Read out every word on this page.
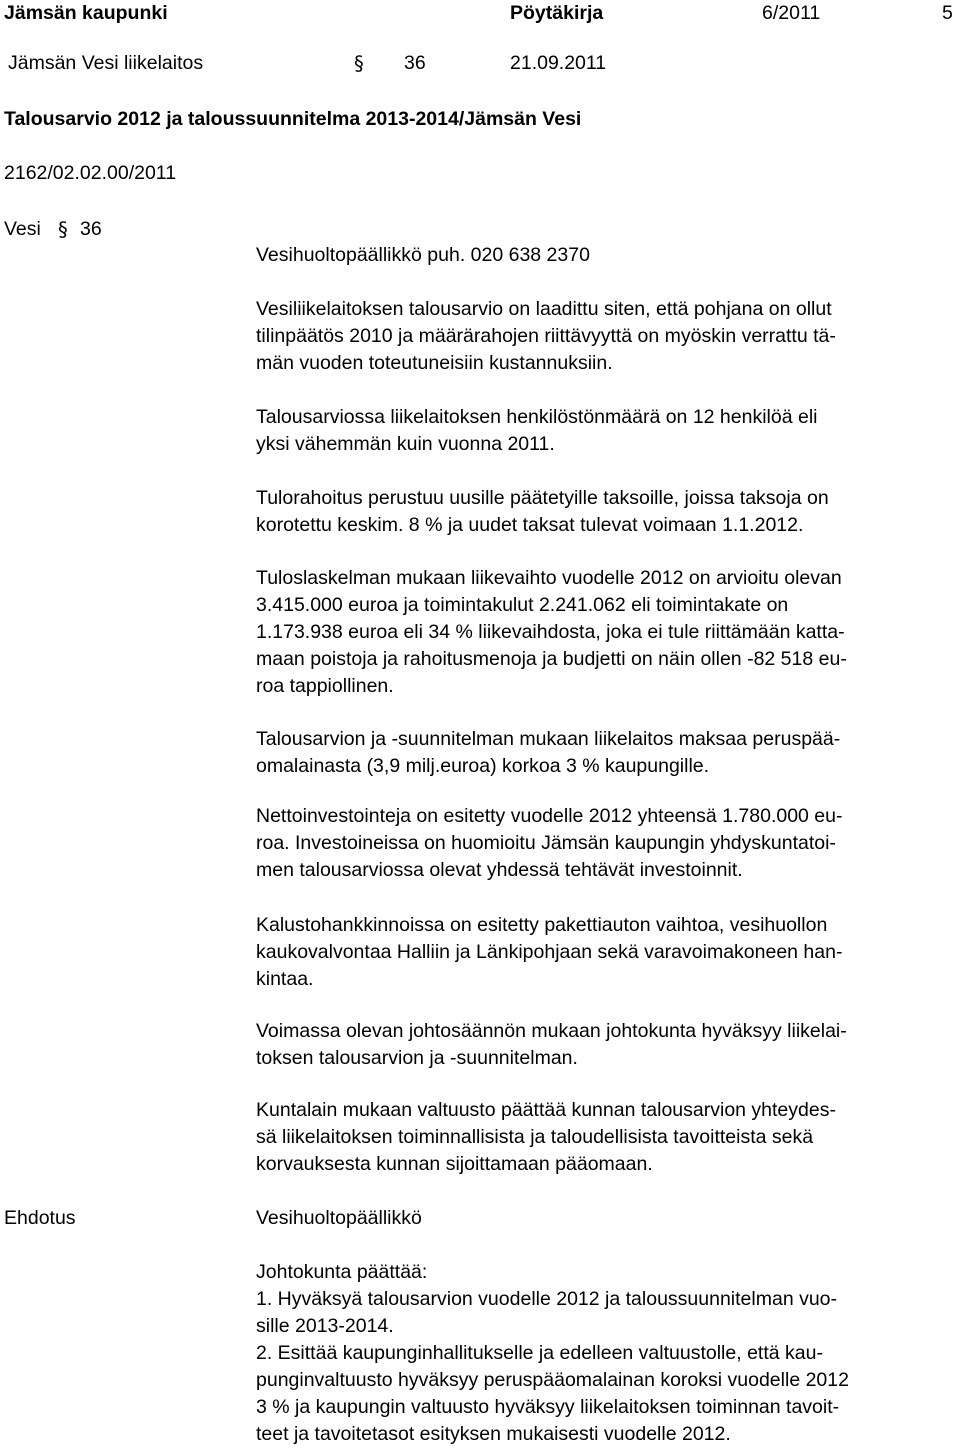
Jämsän kaupunki	Pöytäkirja	6/2011	5
Jämsän Vesi liikelaitos	§ 36	21.09.2011
Talousarvio 2012 ja taloussuunnitelma 2013-2014/Jämsän Vesi
2162/02.02.00/2011
Vesi § 36
Vesihuoltopäällikkö puh. 020 638 2370
Vesiliikelaitoksen talousarvio on laadittu siten, että pohjana on ollut
tilinpäätös 2010 ja määrärahojen riittävyyttä on myöskin verrattu tä-
män vuoden toteutuneisiin kustannuksiin.
Talousarviossa liikelaitoksen henkilöstönmäärä on 12 henkilöä eli
yksi vähemmän kuin vuonna 2011.
Tulorahoitus perustuu uusille päätetyille taksoille, joissa taksoja on
korotettu keskim. 8 % ja uudet taksat tulevat voimaan 1.1.2012.
Tuloslaskelman mukaan liikevaihto vuodelle 2012 on arvioitu olevan
3.415.000 euroa ja toimintakulut 2.241.062 eli toimintakate on
1.173.938 euroa eli 34 % liikevaihdosta, joka ei tule riittämään katta-
maan poistoja ja rahoitusmenoja ja budjetti on näin ollen -82 518 eu-
roa tappiollinen.
Talousarvion ja -suunnitelman mukaan liikelaitos maksaa peruspää-
omalainasta (3,9 milj.euroa) korkoa 3 % kaupungille.
Nettoinvestointeja on esitetty vuodelle 2012 yhteensä 1.780.000 eu-
roa. Investoineissa on huomioitu Jämsän kaupungin yhdyskuntatoi-
men talousarviossa olevat yhdessä tehtävät investoinnit.
Kalustohankkinnoissa on esitetty pakettiauton vaihtoa, vesihuollon
kaukovalvontaa Halliin ja Länkipohjaan sekä varavoimakoneen han-
kintaa.
Voimassa olevan johtosäännön mukaan johtokunta hyväksyy liikelai-
toksen talousarvion ja -suunnitelman.
Kuntalain mukaan valtuusto päättää kunnan talousarvion yhteydes-
sä liikelaitoksen toiminnallisista ja taloudellisista tavoitteista sekä
korvauksesta kunnan sijoittamaan pääomaan.
Ehdotus	Vesihuoltopäällikkö
Johtokunta päättää:
1. Hyväksyä talousarvion vuodelle 2012 ja taloussuunnitelman vuo-
sille 2013-2014.
2. Esittää kaupunginhallitukselle ja edelleen valtuustolle, että kau-
punginvaltuusto hyväksyy peruspääomalainan koroksi vuodelle 2012
3 % ja kaupungin valtuusto hyväksyy liikelaitoksen toiminnan tavoit-
teet ja tavoitetasot esityksen mukaisesti vuodelle 2012.
